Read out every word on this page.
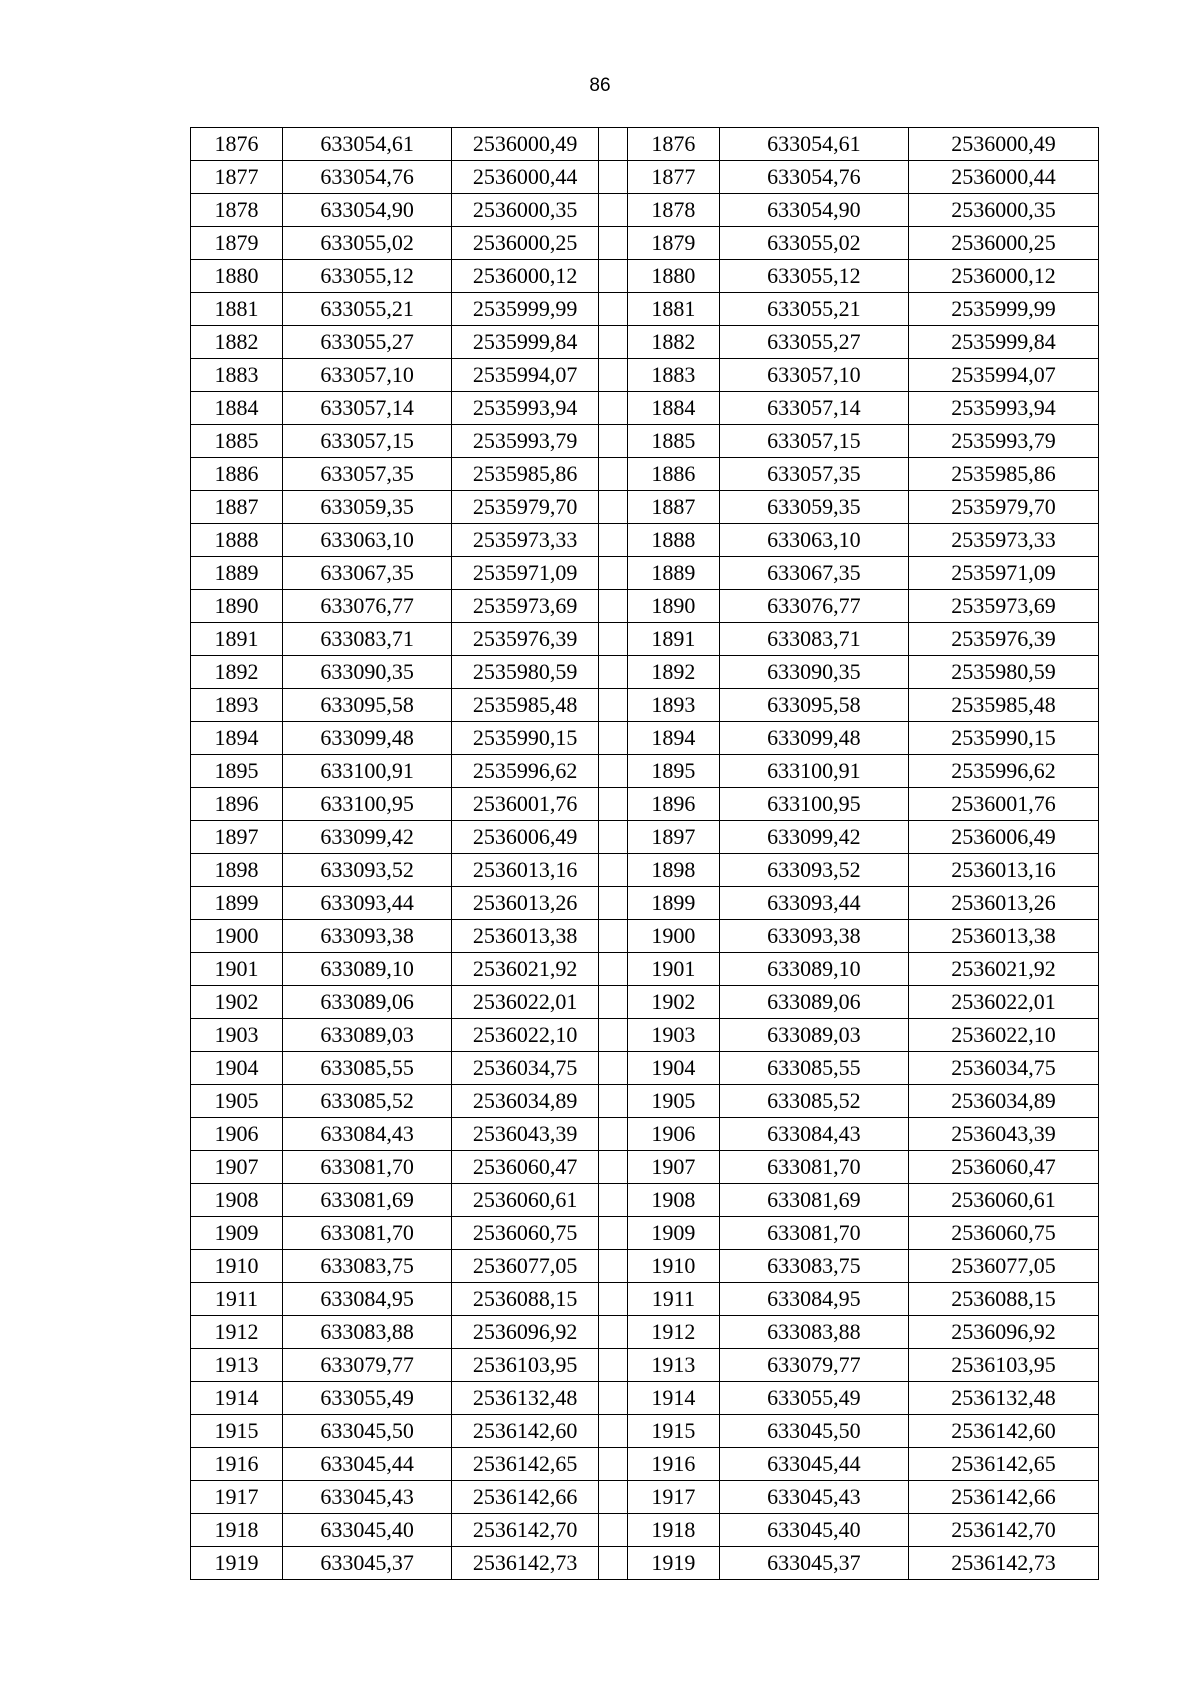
86
1876	633054,61	2536000,49		1876	633054,61	2536000,49
1877	633054,76	2536000,44		1877	633054,76	2536000,44
1878	633054,90	2536000,35		1878	633054,90	2536000,35
1879	633055,02	2536000,25		1879	633055,02	2536000,25
1880	633055,12	2536000,12		1880	633055,12	2536000,12
1881	633055,21	2535999,99		1881	633055,21	2535999,99
1882	633055,27	2535999,84		1882	633055,27	2535999,84
1883	633057,10	2535994,07		1883	633057,10	2535994,07
1884	633057,14	2535993,94		1884	633057,14	2535993,94
1885	633057,15	2535993,79		1885	633057,15	2535993,79
1886	633057,35	2535985,86		1886	633057,35	2535985,86
1887	633059,35	2535979,70		1887	633059,35	2535979,70
1888	633063,10	2535973,33		1888	633063,10	2535973,33
1889	633067,35	2535971,09		1889	633067,35	2535971,09
1890	633076,77	2535973,69		1890	633076,77	2535973,69
1891	633083,71	2535976,39		1891	633083,71	2535976,39
1892	633090,35	2535980,59		1892	633090,35	2535980,59
1893	633095,58	2535985,48		1893	633095,58	2535985,48
1894	633099,48	2535990,15		1894	633099,48	2535990,15
1895	633100,91	2535996,62		1895	633100,91	2535996,62
1896	633100,95	2536001,76		1896	633100,95	2536001,76
1897	633099,42	2536006,49		1897	633099,42	2536006,49
1898	633093,52	2536013,16		1898	633093,52	2536013,16
1899	633093,44	2536013,26		1899	633093,44	2536013,26
1900	633093,38	2536013,38		1900	633093,38	2536013,38
1901	633089,10	2536021,92		1901	633089,10	2536021,92
1902	633089,06	2536022,01		1902	633089,06	2536022,01
1903	633089,03	2536022,10		1903	633089,03	2536022,10
1904	633085,55	2536034,75		1904	633085,55	2536034,75
1905	633085,52	2536034,89		1905	633085,52	2536034,89
1906	633084,43	2536043,39		1906	633084,43	2536043,39
1907	633081,70	2536060,47		1907	633081,70	2536060,47
1908	633081,69	2536060,61		1908	633081,69	2536060,61
1909	633081,70	2536060,75		1909	633081,70	2536060,75
1910	633083,75	2536077,05		1910	633083,75	2536077,05
1911	633084,95	2536088,15		1911	633084,95	2536088,15
1912	633083,88	2536096,92		1912	633083,88	2536096,92
1913	633079,77	2536103,95		1913	633079,77	2536103,95
1914	633055,49	2536132,48		1914	633055,49	2536132,48
1915	633045,50	2536142,60		1915	633045,50	2536142,60
1916	633045,44	2536142,65		1916	633045,44	2536142,65
1917	633045,43	2536142,66		1917	633045,43	2536142,66
1918	633045,40	2536142,70		1918	633045,40	2536142,70
1919	633045,37	2536142,73		1919	633045,37	2536142,73
